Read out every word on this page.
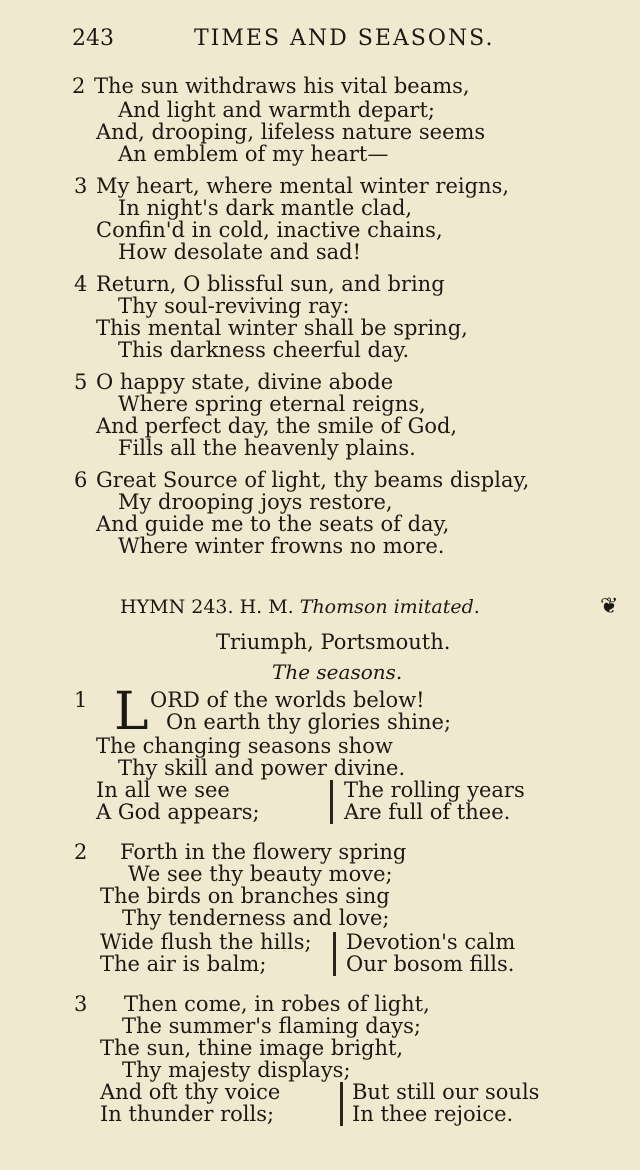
243	TIMES AND SEASONS.
2 The sun withdraws his vital beams,
And light and warmth depart;
And, drooping, lifeless nature seems
An emblem of my heart—
3 My heart, where mental winter reigns,
In night's dark mantle clad,
Confin'd in cold, inactive chains,
How desolate and sad!
4 Return, O blissful sun, and bring
Thy soul-reviving ray:
This mental winter shall be spring,
This darkness cheerful day.
5 O happy state, divine abode
Where spring eternal reigns,
And perfect day, the smile of God,
Fills all the heavenly plains.
6 Great Source of light, thy beams display,
My drooping joys restore,
And guide me to the seats of day,
Where winter frowns no more.
HYMN 243. H. M. Thomson imitated.	❦
Triumph, Portsmouth.
The seasons.
1 L ORD of the worlds below!
On earth thy glories shine;
The changing seasons show
Thy skill and power divine.
In all we see
A God appears;
The rolling years
Are full of thee.
2 Forth in the flowery spring
We see thy beauty move;
The birds on branches sing
Thy tenderness and love;
Wide flush the hills;
The air is balm;
Devotion's calm
Our bosom fills.
3 Then come, in robes of light,
The summer's flaming days;
The sun, thine image bright,
Thy majesty displays;
And oft thy voice
In thunder rolls;
But still our souls
In thee rejoice.
